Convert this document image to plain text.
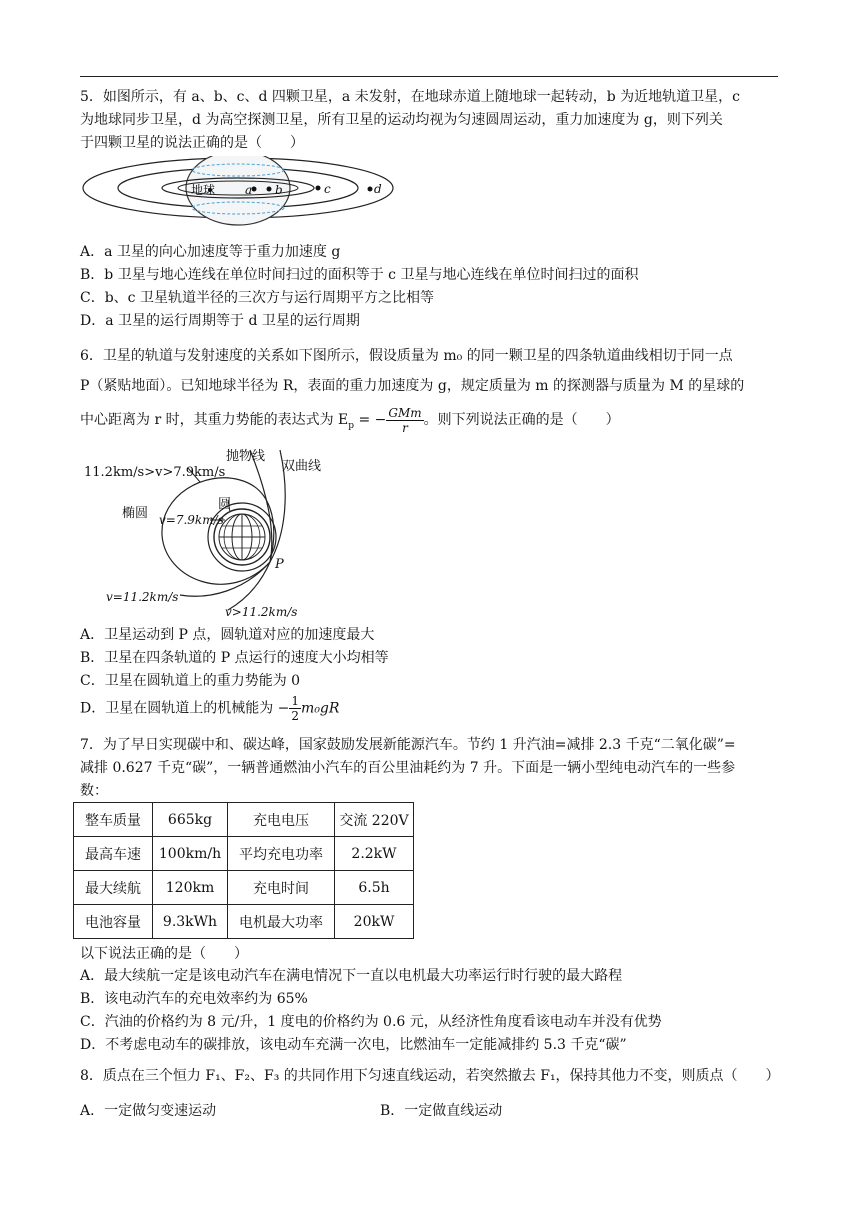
5．如图所示，有 a、b、c、d 四颗卫星，a 未发射，在地球赤道上随地球一起转动，b 为近地轨道卫星，c
为地球同步卫星，d 为高空探测卫星，所有卫星的运动均视为匀速圆周运动，重力加速度为 g，则下列关
于四颗卫星的说法正确的是（　　）
地球 a b	c	d
A．a 卫星的向心加速度等于重力加速度 g
B．b 卫星与地心连线在单位时间扫过的面积等于 c 卫星与地心连线在单位时间扫过的面积
C．b、c 卫星轨道半径的三次方与运行周期平方之比相等
D．a 卫星的运行周期等于 d 卫星的运行周期
6．卫星的轨道与发射速度的关系如下图所示，假设质量为 m₀ 的同一颗卫星的四条轨道曲线相切于同一点
P（紧贴地面）。已知地球半径为 R，表面的重力加速度为 g，规定质量为 m 的探测器与质量为 M 的星球的
中心距离为 r 时，其重力势能的表达式为 $E_p$ = − $\frac{\text{GMm}}{r}$ 。则下列说法正确的是（　　）
11.2km/s>v>7.9km/s
抛物线
双曲线
椭圆
圆
v=7.9km/s
P
v=11.2km/s
v>11.2km/s
A．卫星运动到 P 点，圆轨道对应的加速度最大
B．卫星在四条轨道的 P 点运行的速度大小均相等
C．卫星在圆轨道上的重力势能为 0
D．卫星在圆轨道上的机械能为 − $\frac{1}{2} m_0gR$
7．为了早日实现碳中和、碳达峰，国家鼓励发展新能源汽车。节约 1 升汽油=减排 2.3 千克“二氧化碳”=
减排 0.627 千克“碳”，一辆普通燃油小汽车的百公里油耗约为 7 升。下面是一辆小型纯电动汽车的一些参
数：
整车质量	665kg	充电电压	交流 220V
最高车速	100km/h	平均充电功率	2.2kW
最大续航	120km	充电时间	6.5h
电池容量	9.3kWh	电机最大功率	20kW
以下说法正确的是（　　）
A．最大续航一定是该电动汽车在满电情况下一直以电机最大功率运行时行驶的最大路程
B．该电动汽车的充电效率约为 65%
C．汽油的价格约为 8 元/升，1 度电的价格约为 0.6 元，从经济性角度看该电动车并没有优势
D．不考虑电动车的碳排放，该电动车充满一次电，比燃油车一定能减排约 5.3 千克“碳”
8．质点在三个恒力 F₁、F₂、F₃ 的共同作用下匀速直线运动，若突然撤去 F₁，保持其他力不变，则质点（　　）
A．一定做匀变速运动	B．一定做直线运动
